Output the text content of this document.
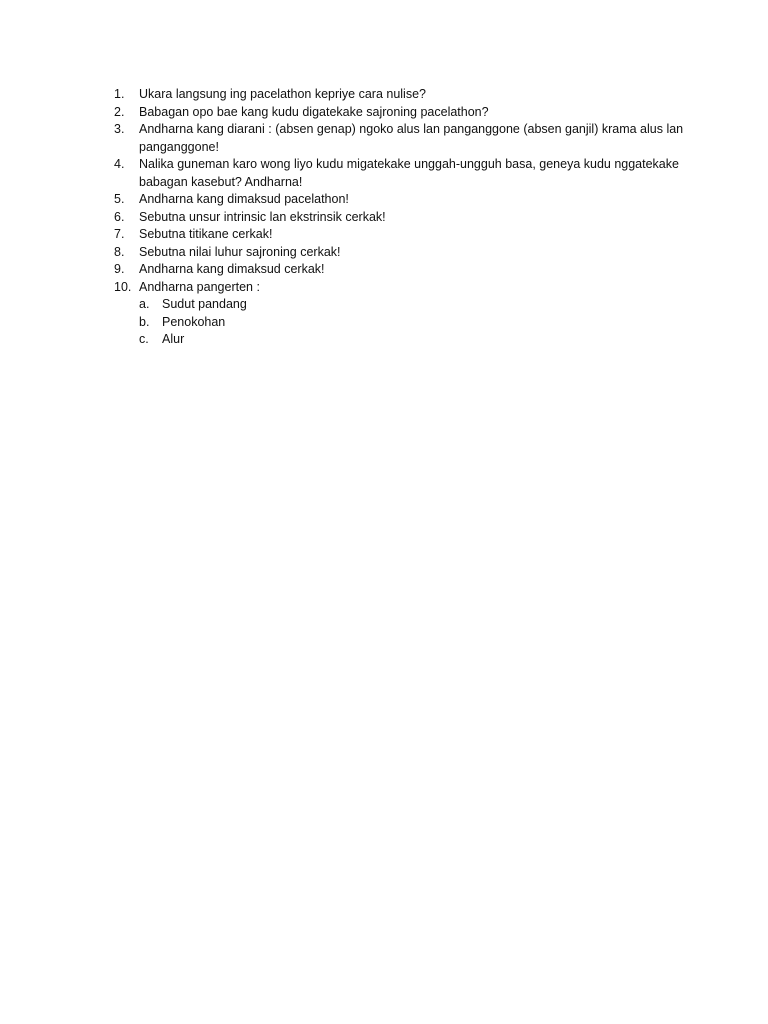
1.	Ukara langsung ing pacelathon kepriye cara nulise?
2.	Babagan opo bae kang kudu digatekake sajroning pacelathon?
3.	Andharna kang diarani : (absen genap) ngoko alus lan panganggone (absen ganjil) krama alus lan panganggone!
4.	Nalika guneman karo wong liyo kudu migatekake unggah-ungguh basa, geneya kudu nggatekake babagan kasebut? Andharna!
5.	Andharna kang dimaksud pacelathon!
6.	Sebutna unsur intrinsic lan ekstrinsik cerkak!
7.	Sebutna titikane cerkak!
8.	Sebutna nilai luhur sajroning cerkak!
9.	Andharna kang dimaksud cerkak!
10. Andharna pangerten :
a.	Sudut pandang
b.	Penokohan
c.	Alur
